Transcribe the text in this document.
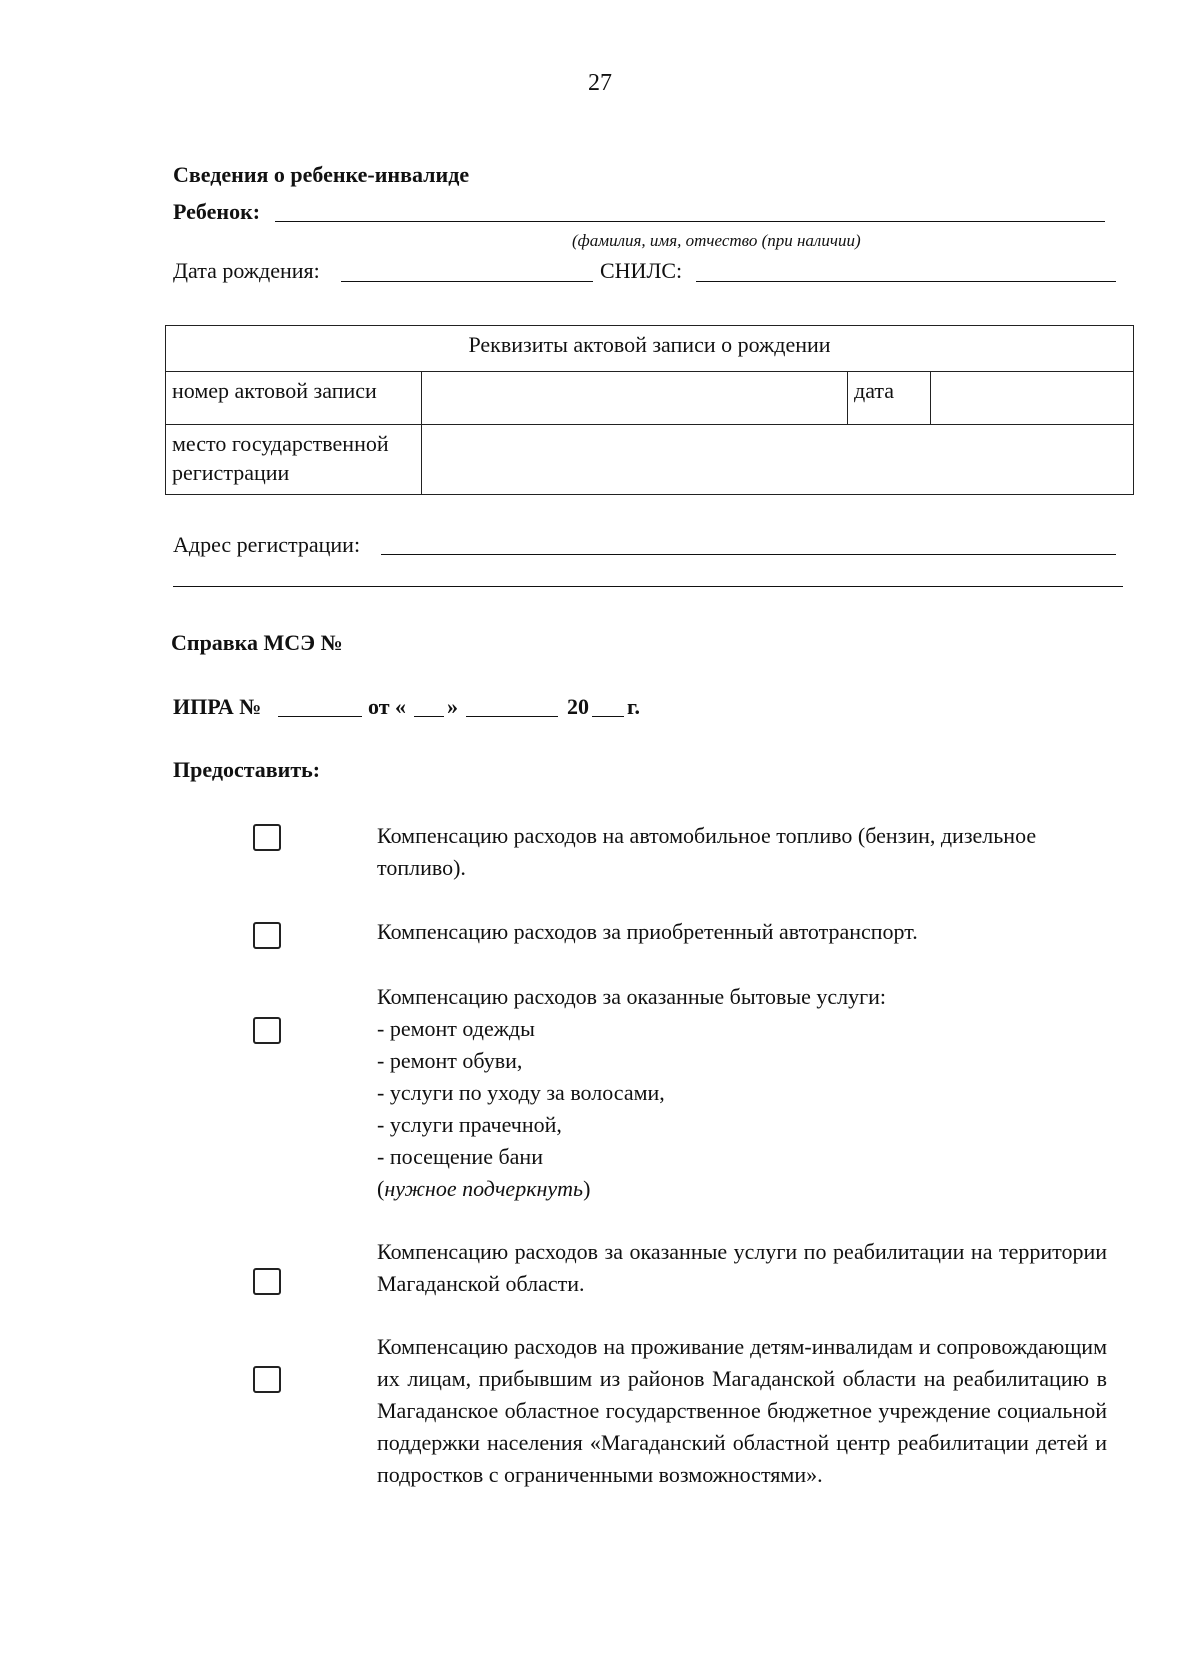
27
Сведения о ребенке-инвалиде
Ребенок:
(фамилия, имя, отчество (при наличии)
Дата рождения:	СНИЛС:
Реквизиты актовой записи о рождении			
номер актовой записи		дата	

место государственной
регистрации			

Адрес регистрации:
Справка МСЭ №
ИПРА №	от « »	20 г.
Предоставить:
Компенсацию расходов на автомобильное топливо (бензин, дизельное топливо).
Компенсацию расходов за приобретенный автотранспорт.
Компенсацию расходов за оказанные бытовые услуги:
- ремонт одежды
- ремонт обуви,
- услуги по уходу за волосами,
- услуги прачечной,
- посещение бани
(нужное подчеркнуть)
Компенсацию расходов за оказанные услуги по реабилитации на территории Магаданской области.
Компенсацию расходов на проживание детям-инвалидам и сопровождающим их лицам, прибывшим из районов Магаданской области на реабилитацию в Магаданское областное государственное бюджетное учреждение социальной поддержки населения «Магаданский областной центр реабилитации детей и подростков с ограниченными возможностями».
